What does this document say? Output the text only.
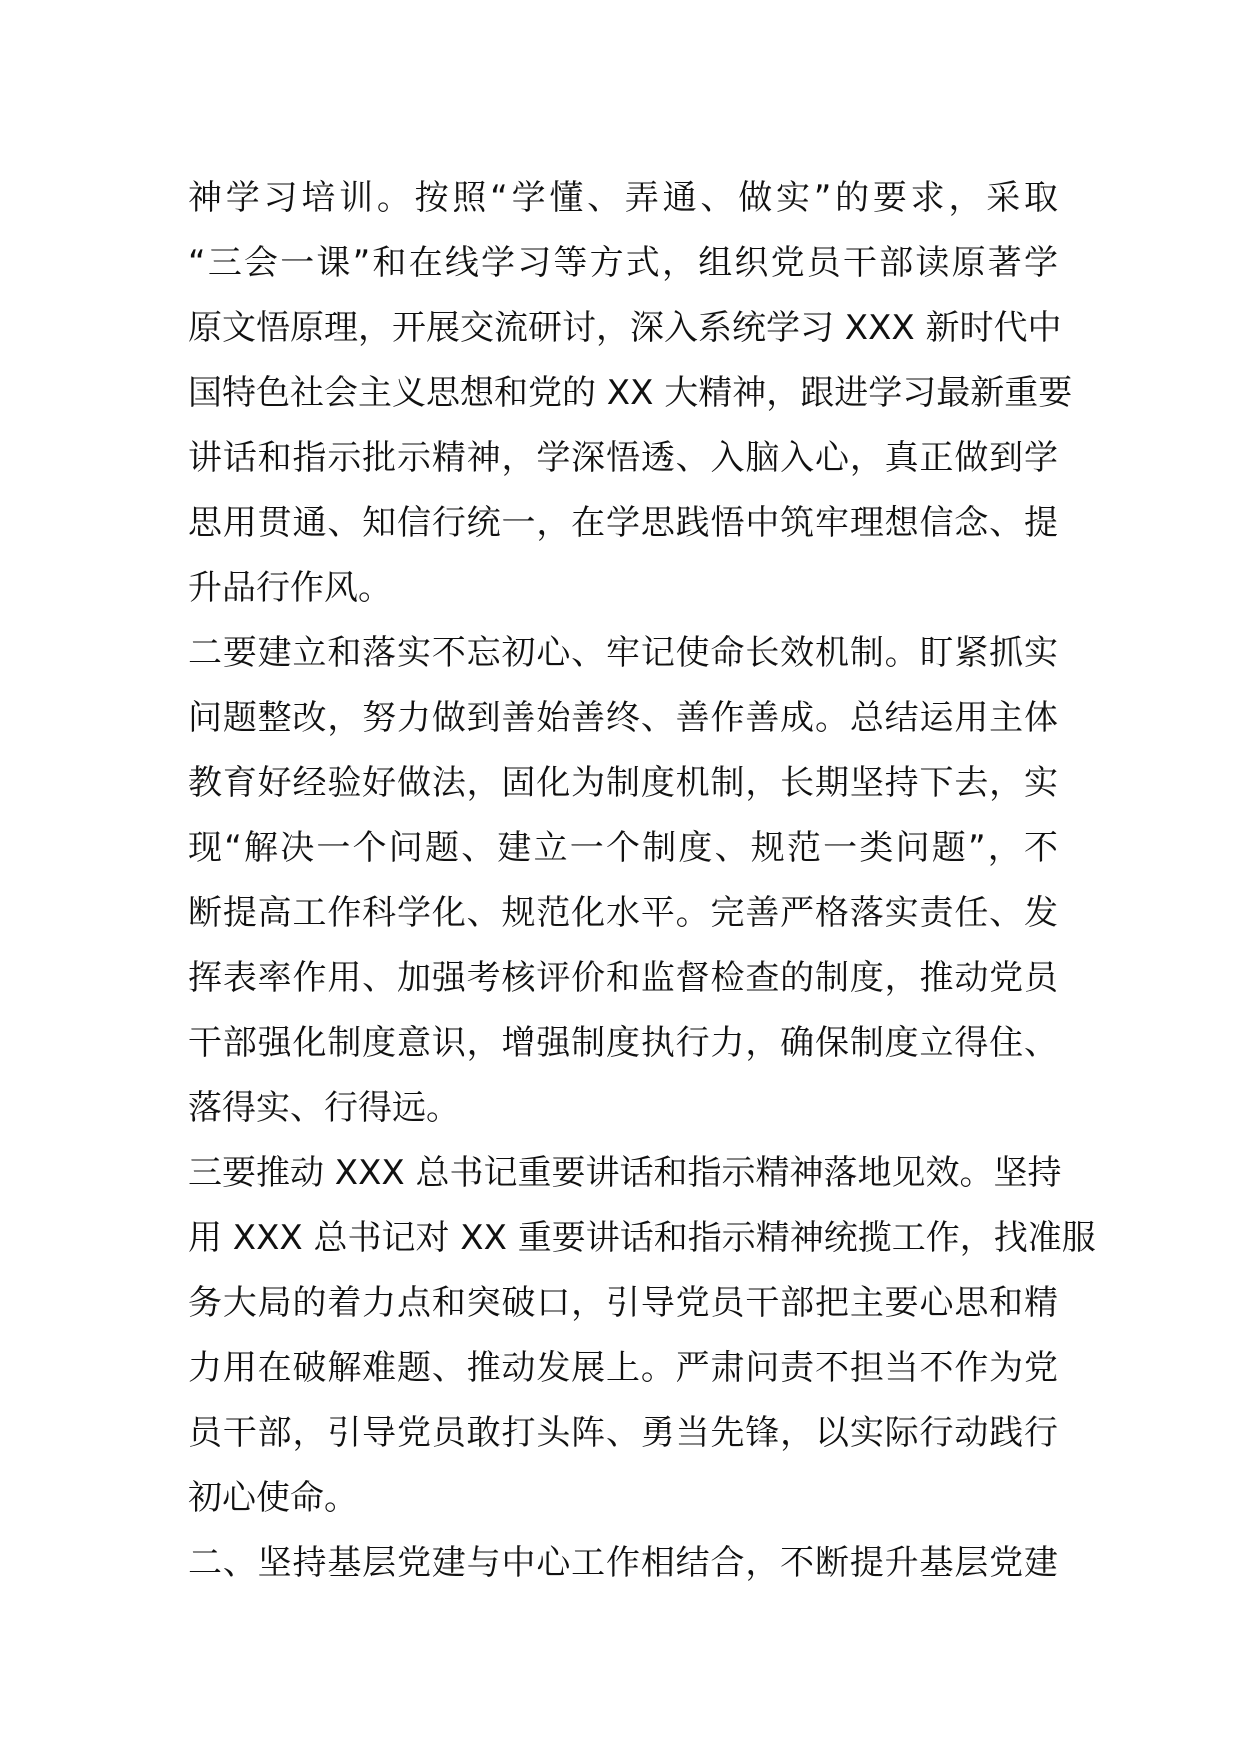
神学习培训。按照“学懂、弄通、做实”的要求，采取
“三会一课”和在线学习等方式，组织党员干部读原著学
原文悟原理，开展交流研讨，深入系统学习 XXX 新时代中
国特色社会主义思想和党的 XX 大精神，跟进学习最新重要
讲话和指示批示精神，学深悟透、入脑入心，真正做到学
思用贯通、知信行统一，在学思践悟中筑牢理想信念、提
升品行作风。
二要建立和落实不忘初心、牢记使命长效机制。盯紧抓实
问题整改，努力做到善始善终、善作善成。总结运用主体
教育好经验好做法，固化为制度机制，长期坚持下去，实
现“解决一个问题、建立一个制度、规范一类问题”，不
断提高工作科学化、规范化水平。完善严格落实责任、发
挥表率作用、加强考核评价和监督检查的制度，推动党员
干部强化制度意识，增强制度执行力，确保制度立得住、
落得实、行得远。
三要推动 XXX 总书记重要讲话和指示精神落地见效。坚持
用 XXX 总书记对 XX 重要讲话和指示精神统揽工作，找准服
务大局的着力点和突破口，引导党员干部把主要心思和精
力用在破解难题、推动发展上。严肃问责不担当不作为党
员干部，引导党员敢打头阵、勇当先锋，以实际行动践行
初心使命。
二、坚持基层党建与中心工作相结合，不断提升基层党建
